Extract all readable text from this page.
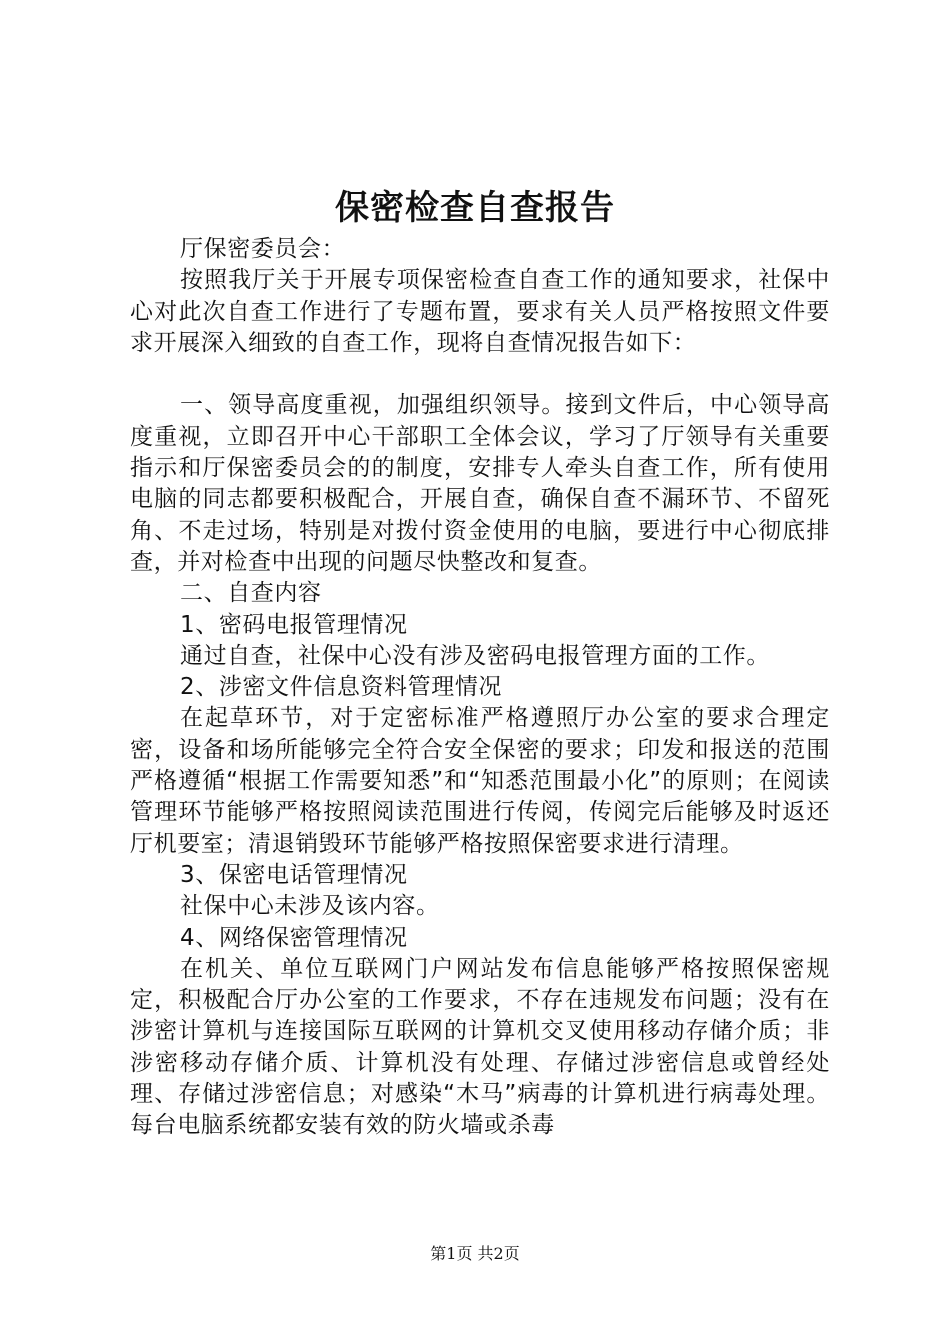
保密检查自查报告

厅保密委员会：

按照我厅关于开展专项保密检查自查工作的通知要求，社保中心对此次自查工作进行了专题布置，要求有关人员严格按照文件要求开展深入细致的自查工作，现将自查情况报告如下：

一、领导高度重视，加强组织领导。接到文件后，中心领导高度重视，立即召开中心干部职工全体会议，学习了厅领导有关重要指示和厅保密委员会的的制度，安排专人牵头自查工作，所有使用电脑的同志都要积极配合，开展自查，确保自查不漏环节、不留死角、不走过场，特别是对拨付资金使用的电脑，要进行中心彻底排查，并对检查中出现的问题尽快整改和复查。

二、自查内容

1、密码电报管理情况

通过自查，社保中心没有涉及密码电报管理方面的工作。

2、涉密文件信息资料管理情况

在起草环节，对于定密标准严格遵照厅办公室的要求合理定密，设备和场所能够完全符合安全保密的要求；印发和报送的范围严格遵循“根据工作需要知悉”和“知悉范围最小化”的原则；在阅读管理环节能够严格按照阅读范围进行传阅，传阅完后能够及时返还厅机要室；清退销毁环节能够严格按照保密要求进行清理。

3、保密电话管理情况

社保中心未涉及该内容。

4、网络保密管理情况

在机关、单位互联网门户网站发布信息能够严格按照保密规定，积极配合厅办公室的工作要求，不存在违规发布问题；没有在涉密计算机与连接国际互联网的计算机交叉使用移动存储介质；非涉密移动存储介质、计算机没有处理、存储过涉密信息或曾经处理、存储过涉密信息；对感染“木马”病毒的计算机进行病毒处理。每台电脑系统都安装有效的防火墙或杀毒

第1页 共2页
